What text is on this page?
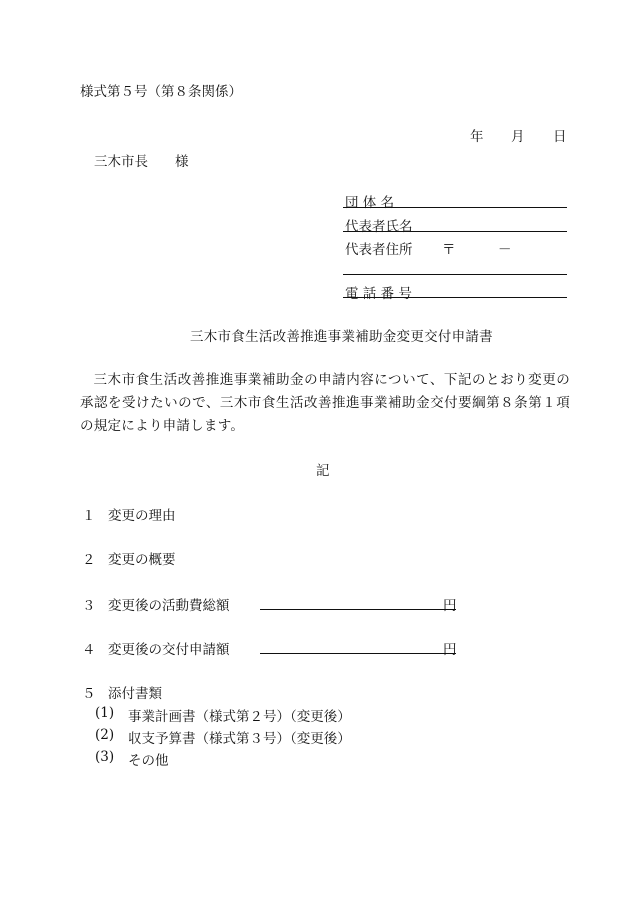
様式第５号（第８条関係）
年 月 日
三木市長　　様
団 体 名
代表者氏名
代表者住所 〒	－
電 話 番 号
三木市食生活改善推進事業補助金変更交付申請書
三木市食生活改善推進事業補助金の申請内容について、下記のとおり変更の承認を受けたいので、三木市食生活改善推進事業補助金交付要綱第８条第１項の規定により申請します。
記
１ 変更の理由
２ 変更の概要
３ 変更後の活動費総額	円
４ 変更後の交付申請額	円
５ 添付書類
(1) 事業計画書（様式第２号）（変更後）
(2) 収支予算書（様式第３号）（変更後）
(3) その他
